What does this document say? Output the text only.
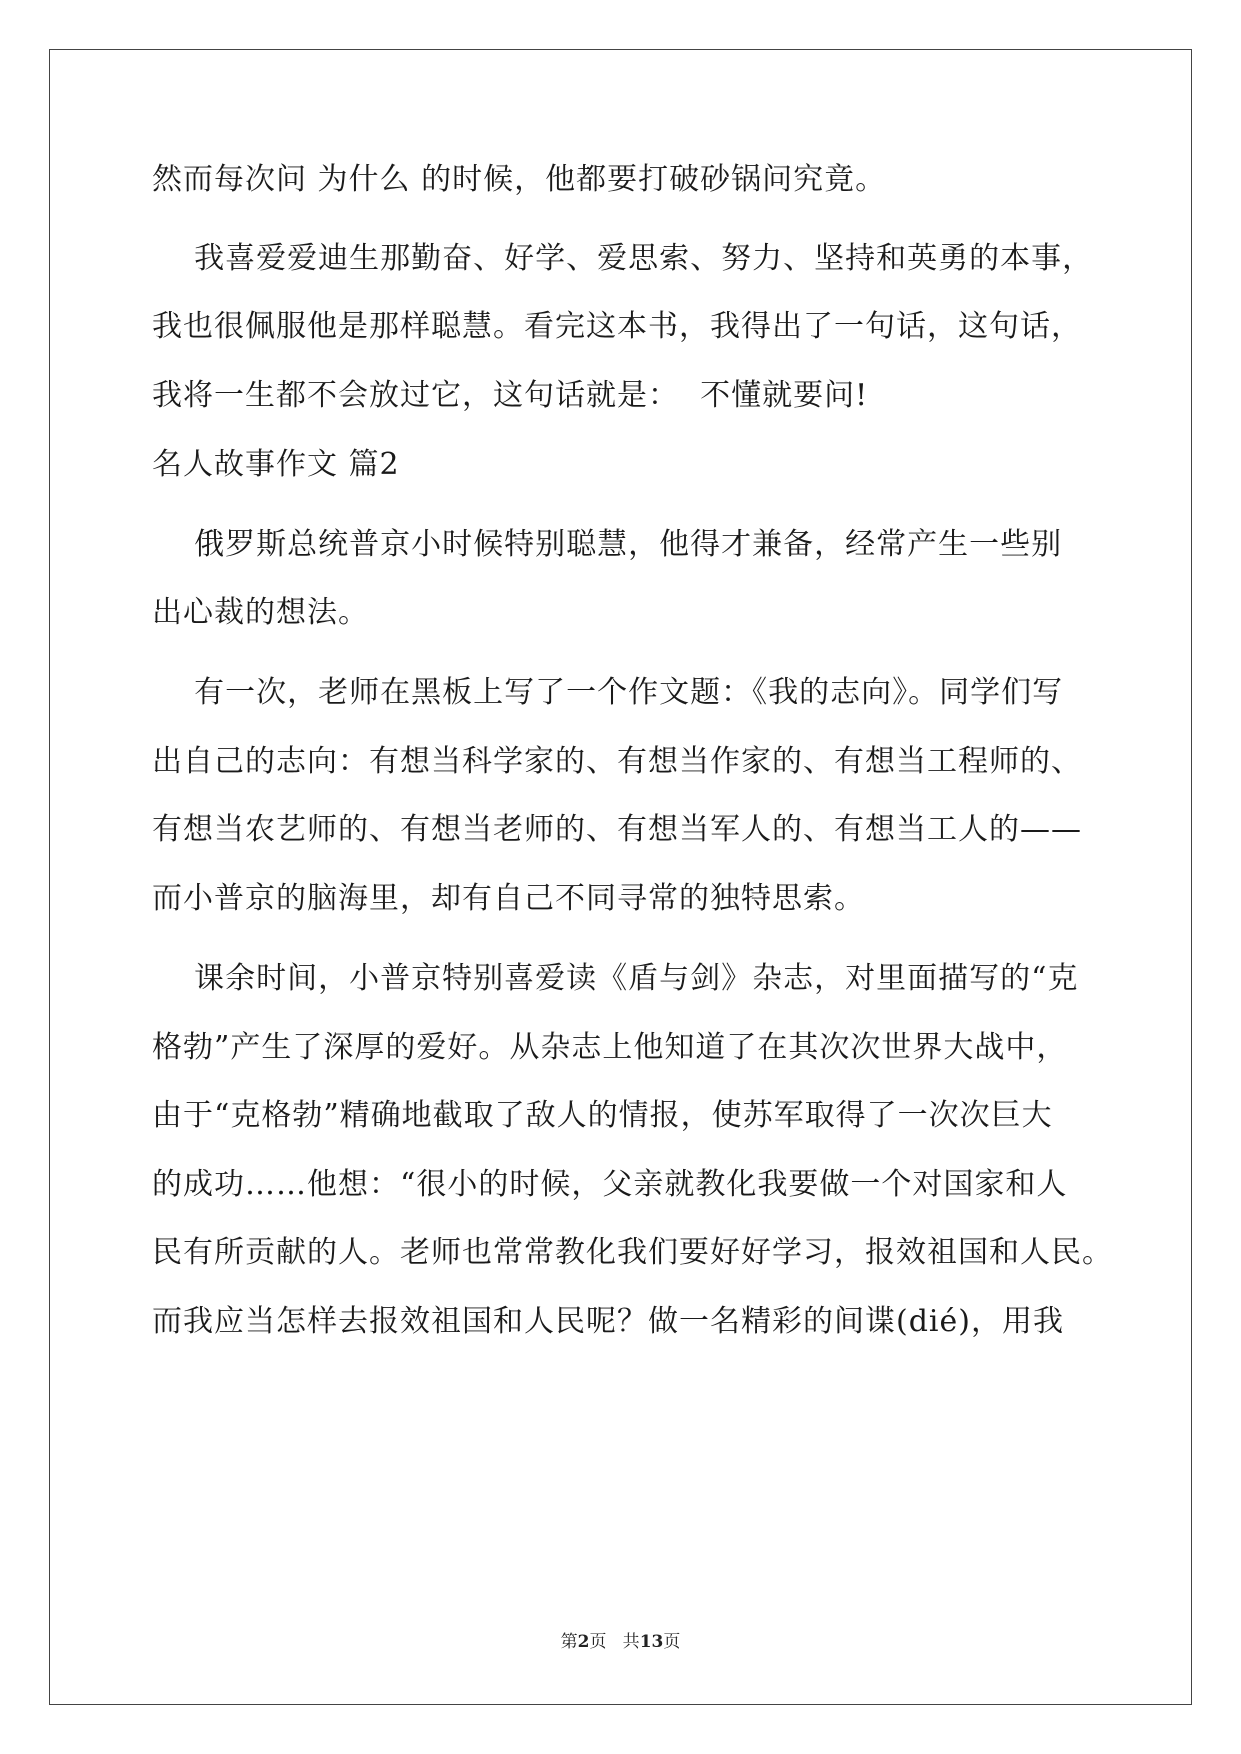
然而每次问 为什么 的时候，他都要打破砂锅问究竟。
我喜爱爱迪生那勤奋、好学、爱思索、努力、坚持和英勇的本事，
我也很佩服他是那样聪慧。看完这本书，我得出了一句话，这句话，
我将一生都不会放过它，这句话就是：  不懂就要问!
名人故事作文 篇2
俄罗斯总统普京小时候特别聪慧，他得才兼备，经常产生一些别
出心裁的想法。
有一次，老师在黑板上写了一个作文题：《我的志向》。同学们写
出自己的志向：有想当科学家的、有想当作家的、有想当工程师的、
有想当农艺师的、有想当老师的、有想当军人的、有想当工人的——
而小普京的脑海里，却有自己不同寻常的独特思索。
课余时间，小普京特别喜爱读《盾与剑》杂志，对里面描写的“克
格勃”产生了深厚的爱好。从杂志上他知道了在其次次世界大战中，
由于“克格勃”精确地截取了敌人的情报，使苏军取得了一次次巨大
的成功……他想：“很小的时候，父亲就教化我要做一个对国家和人
民有所贡献的人。老师也常常教化我们要好好学习，报效祖国和人民。
而我应当怎样去报效祖国和人民呢？做一名精彩的间谍(dié)，用我
第2页   共13页
